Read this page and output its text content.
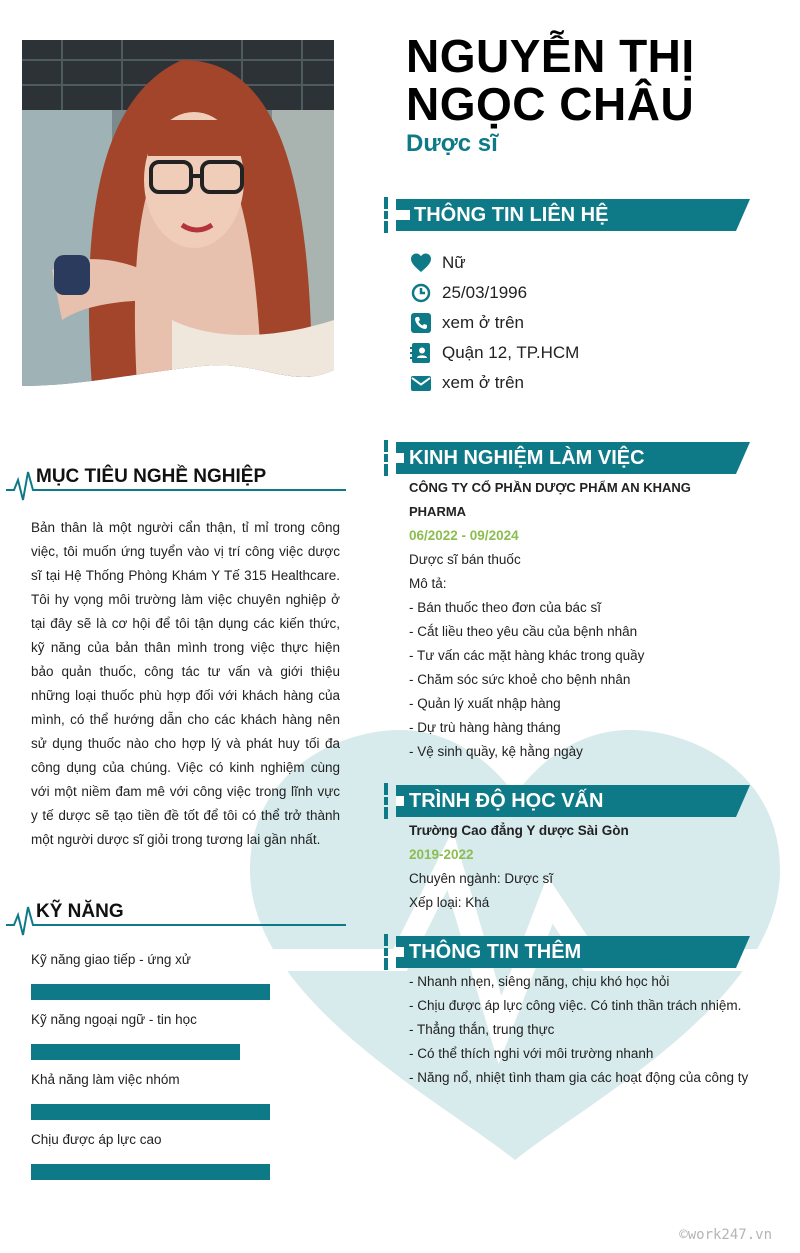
NGUYỄN THỊ
NGỌC CHÂU
Dược sĩ
THÔNG TIN LIÊN HỆ
Nữ
25/03/1996
xem ở trên
Quận 12, TP.HCM
xem ở trên
MỤC TIÊU NGHỀ NGHIỆP
Bản thân là một người cẩn thận, tỉ mỉ trong công việc, tôi muốn ứng tuyển vào vị trí công việc dược sĩ tại Hệ Thống Phòng Khám Y Tế 315 Healthcare. Tôi hy vọng môi trường làm việc chuyên nghiệp ở tại đây sẽ là cơ hội để tôi tận dụng các kiến thức, kỹ năng của bản thân mình trong việc thực hiện bảo quản thuốc, công tác tư vấn và giới thiệu những loại thuốc phù hợp đối với khách hàng của mình, có thể hướng dẫn cho các khách hàng nên sử dụng thuốc nào cho hợp lý và phát huy tối đa công dụng của chúng. Việc có kinh nghiệm cùng với một niềm đam mê với công việc trong lĩnh vực y tế dược sẽ tạo tiền đề tốt để tôi có thể trở thành một người dược sĩ giỏi trong tương lai gần nhất.
KỸ NĂNG
Kỹ năng giao tiếp - ứng xử
Kỹ năng ngoại ngữ - tin học
Khả năng làm việc nhóm
Chịu được áp lực cao
KINH NGHIỆM LÀM VIỆC
CÔNG TY CỔ PHẦN DƯỢC PHẨM AN KHANG
PHARMA
06/2022 - 09/2024
Dược sĩ bán thuốc
Mô tả:
- Bán thuốc theo đơn của bác sĩ
- Cắt liều theo yêu cầu của bệnh nhân
- Tư vấn các mặt hàng khác trong quầy
- Chăm sóc sức khoẻ cho bệnh nhân
- Quản lý xuất nhập hàng
- Dự trù hàng hàng tháng
- Vệ sinh quầy, kệ hằng ngày
TRÌNH ĐỘ HỌC VẤN
Trường Cao đẳng Y dược Sài Gòn
2019-2022
Chuyên ngành: Dược sĩ
Xếp loại: Khá
THÔNG TIN THÊM
- Nhanh nhẹn, siêng năng, chịu khó học hỏi
- Chịu được áp lực công việc. Có tinh thần trách nhiệm.
- Thẳng thắn, trung thực
- Có thể thích nghi với môi trường nhanh
- Năng nổ, nhiệt tình tham gia các hoạt động của công ty
©work247.vn
